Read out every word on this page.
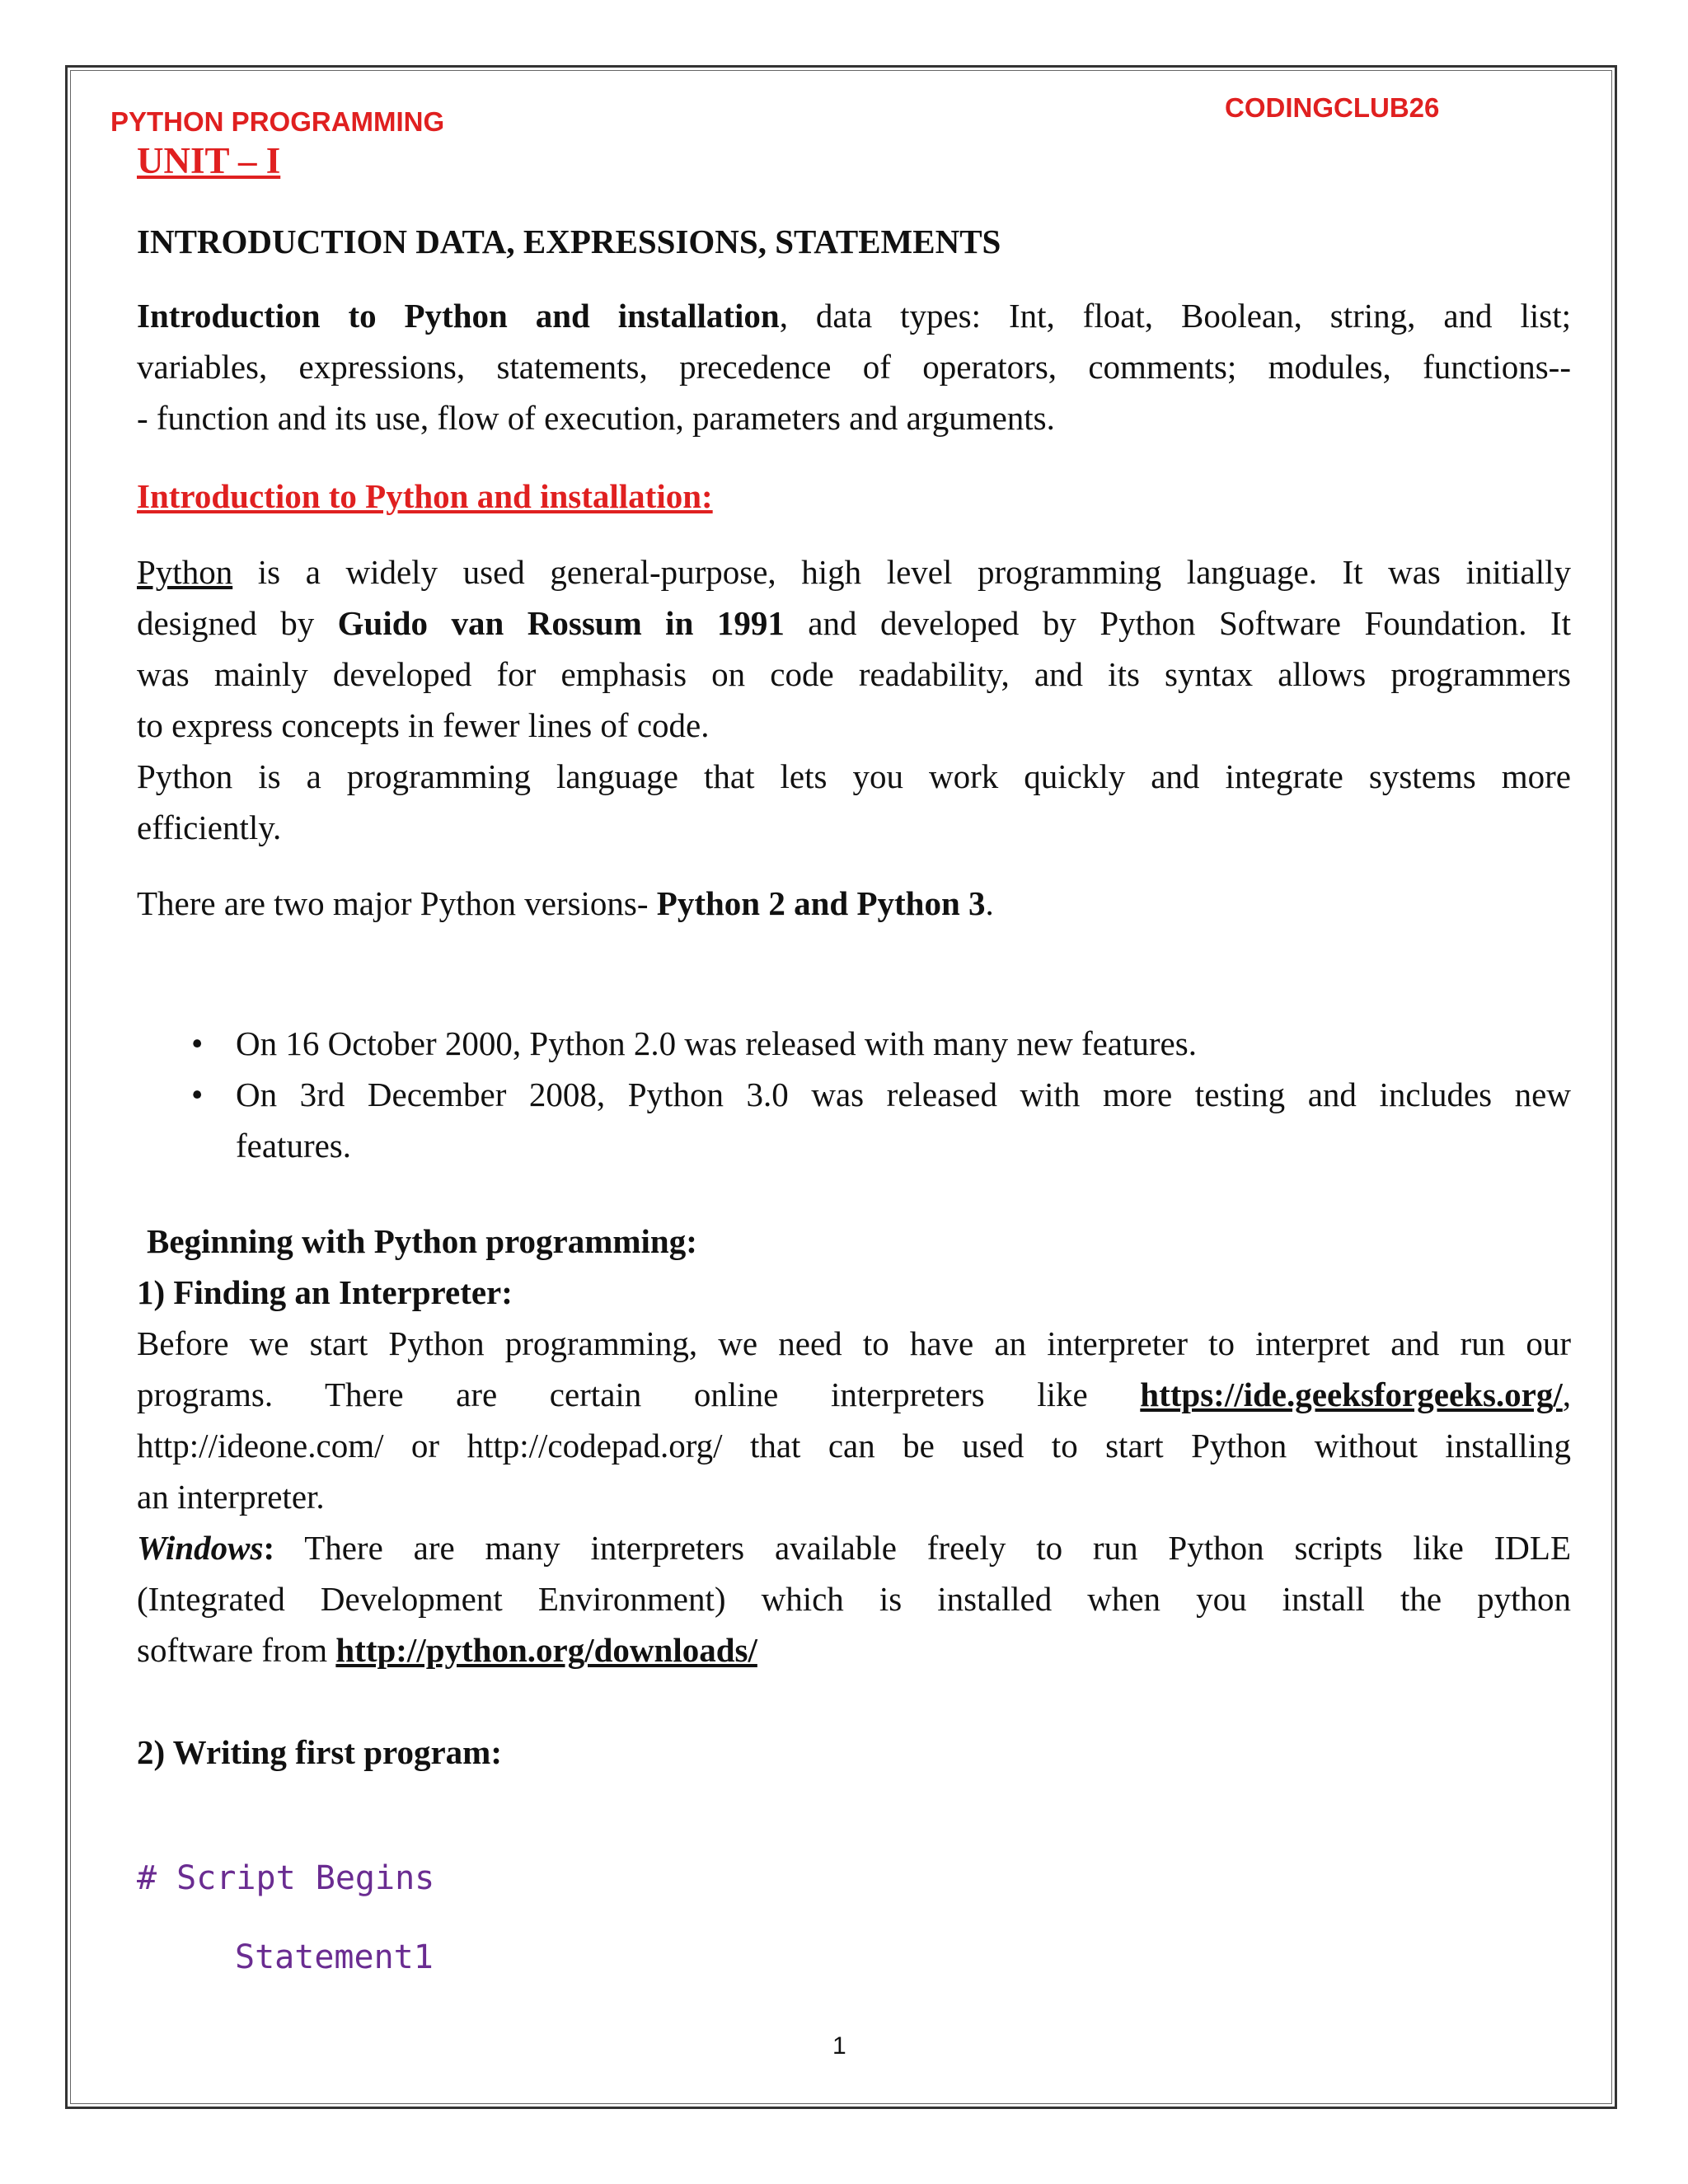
PYTHON PROGRAMMING	CODINGCLUB26
UNIT – I
INTRODUCTION DATA, EXPRESSIONS, STATEMENTS
Introduction to Python and installation, data types: Int, float, Boolean, string, and list;
variables, expressions, statements, precedence of operators, comments; modules, functions--
- function and its use, flow of execution, parameters and arguments.
Introduction to Python and installation:
Python is a widely used general-purpose, high level programming language. It was initially
designed by Guido van Rossum in 1991 and developed by Python Software Foundation. It
was mainly developed for emphasis on code readability, and its syntax allows programmers
to express concepts in fewer lines of code.
Python is a programming language that lets you work quickly and integrate systems more
efficiently.
There are two major Python versions- Python 2 and Python 3.
• On 16 October 2000, Python 2.0 was released with many new features.
• On 3rd December 2008, Python 3.0 was released with more testing and includes new
features.
Beginning with Python programming:
1) Finding an Interpreter:
Before we start Python programming, we need to have an interpreter to interpret and run our
programs. There are certain online interpreters like https://ide.geeksforgeeks.org/,
http://ideone.com/ or http://codepad.org/ that can be used to start Python without installing
an interpreter.
Windows: There are many interpreters available freely to run Python scripts like IDLE
(Integrated Development Environment) which is installed when you install the python
software from http://python.org/downloads/
2) Writing first program:
# Script Begins
Statement1
1
